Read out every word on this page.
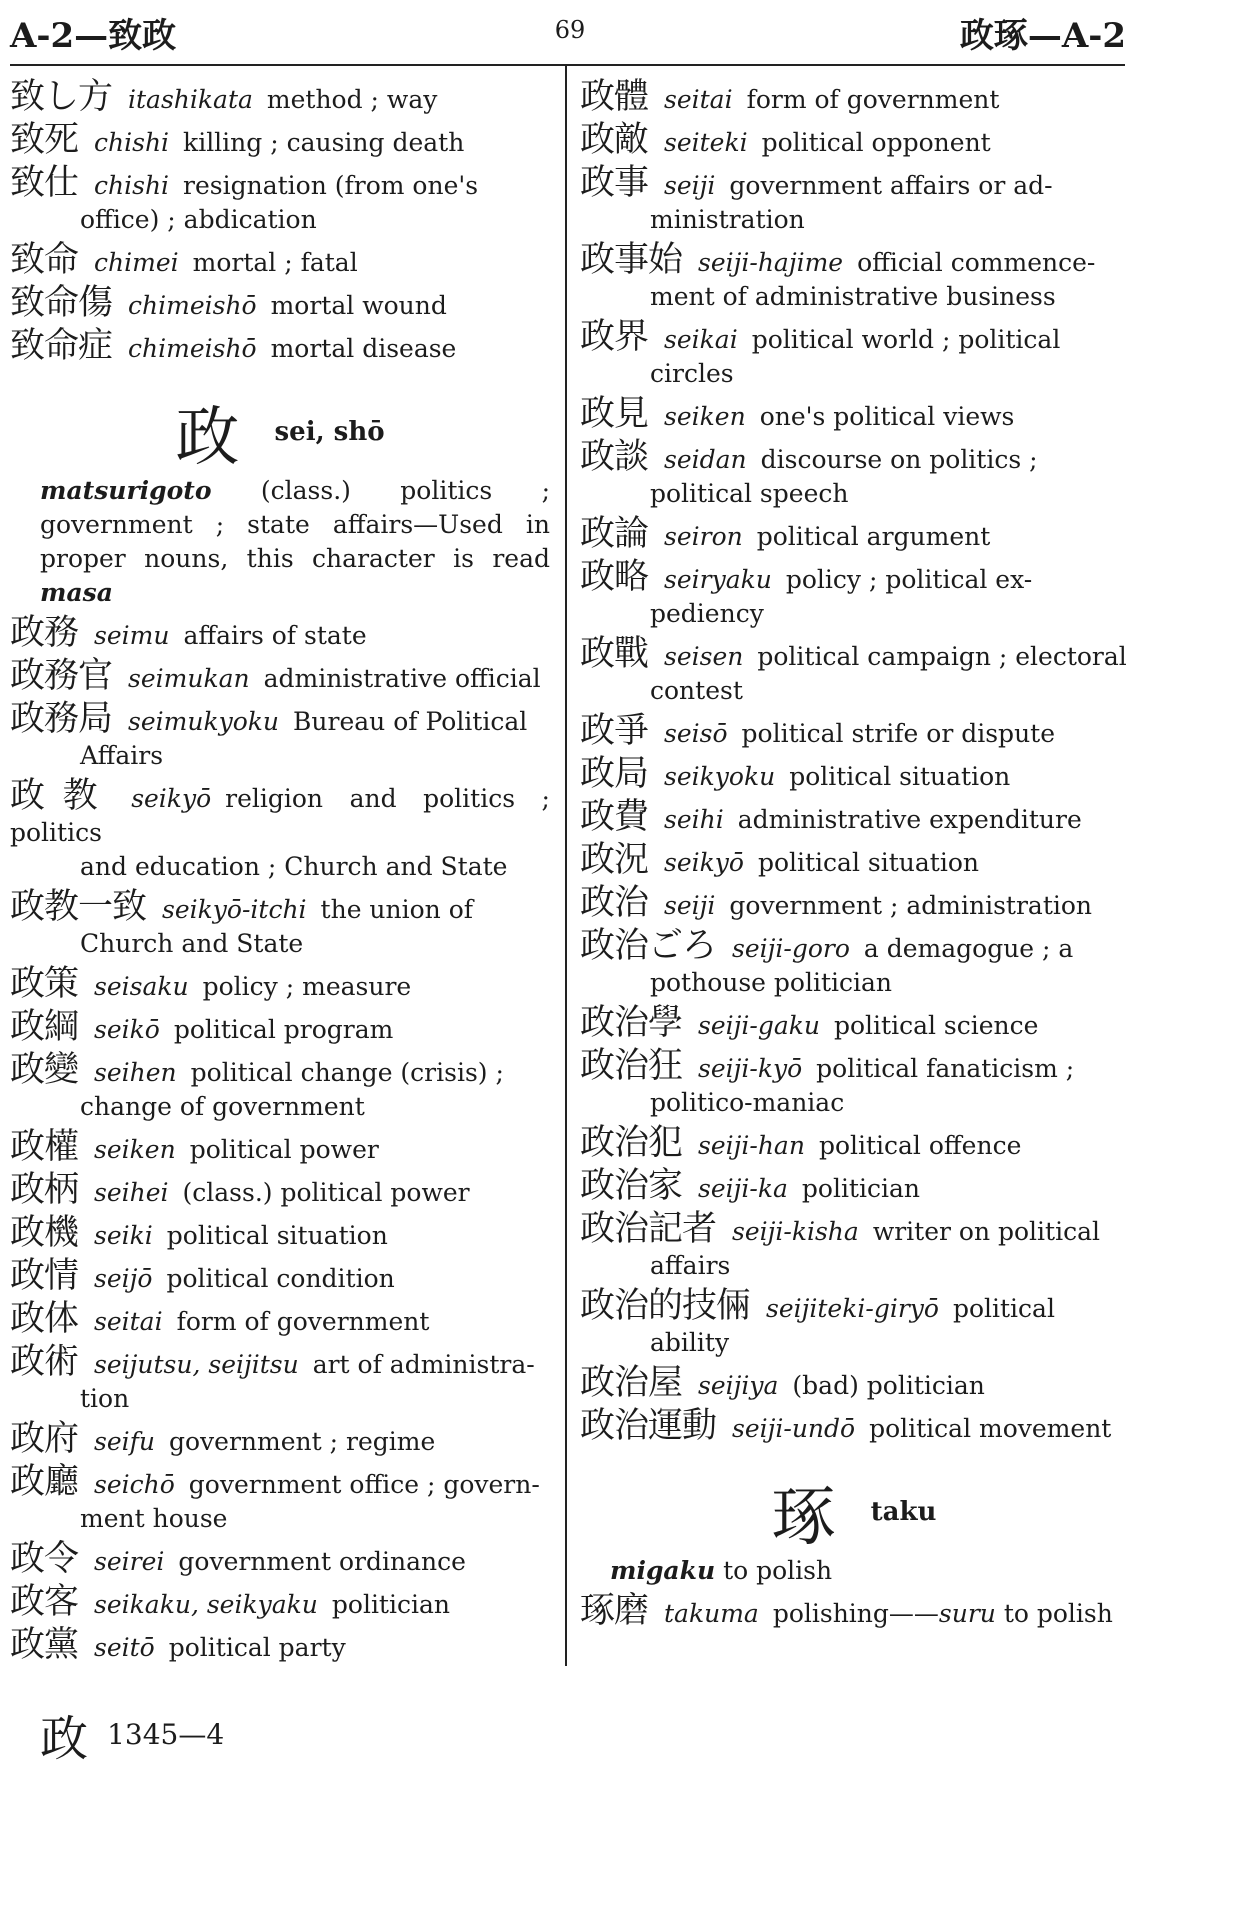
A-2—致政	69	政琢—A-2
致し方 itashikata method ; way
致死 chishi killing ; causing death
致仕 chishi resignation (from one's
office) ; abdication
致命 chimei mortal ; fatal
致命傷 chimeishō mortal wound
致命症 chimeishō mortal disease
政 sei, shō
matsurigoto (class.) politics ; government ; state affairs—Used in proper nouns, this character is read masa
政務 seimu affairs of state
政務官 seimukan administrative official
政務局 seimukyoku Bureau of Political
Affairs
政教 seikyō religion and politics ; politics
and education ; Church and State
政教一致 seikyō-itchi the union of
Church and State
政策 seisaku policy ; measure
政綱 seikō political program
政變 seihen political change (crisis) ;
change of government
政權 seiken political power
政柄 seihei (class.) political power
政機 seiki political situation
政情 seijō political condition
政体 seitai form of government
政術 seijutsu, seijitsu art of administra-
tion
政府 seifu government ; regime
政廳 seichō government office ; govern-
ment house
政令 seirei government ordinance
政客 seikaku, seikyaku politician
政黨 seitō political party
政體 seitai form of government
政敵 seiteki political opponent
政事 seiji government affairs or ad-
ministration
政事始 seiji-hajime official commence-
ment of administrative business
政界 seikai political world ; political
circles
政見 seiken one's political views
政談 seidan discourse on politics ;
political speech
政論 seiron political argument
政略 seiryaku policy ; political ex-
pediency
政戰 seisen political campaign ; electoral
contest
政爭 seisō political strife or dispute
政局 seikyoku political situation
政費 seihi administrative expenditure
政況 seikyō political situation
政治 seiji government ; administration
政治ごろ seiji-goro a demagogue ; a
pothouse politician
政治學 seiji-gaku political science
政治狂 seiji-kyō political fanaticism ;
politico-maniac
政治犯 seiji-han political offence
政治家 seiji-ka politician
政治記者 seiji-kisha writer on political
affairs
政治的技倆 seijiteki-giryō political
ability
政治屋 seijiya (bad) politician
政治運動 seiji-undō political movement
琢 taku
migaku to polish
琢磨 takuma polishing——suru to polish
政 1345—4
